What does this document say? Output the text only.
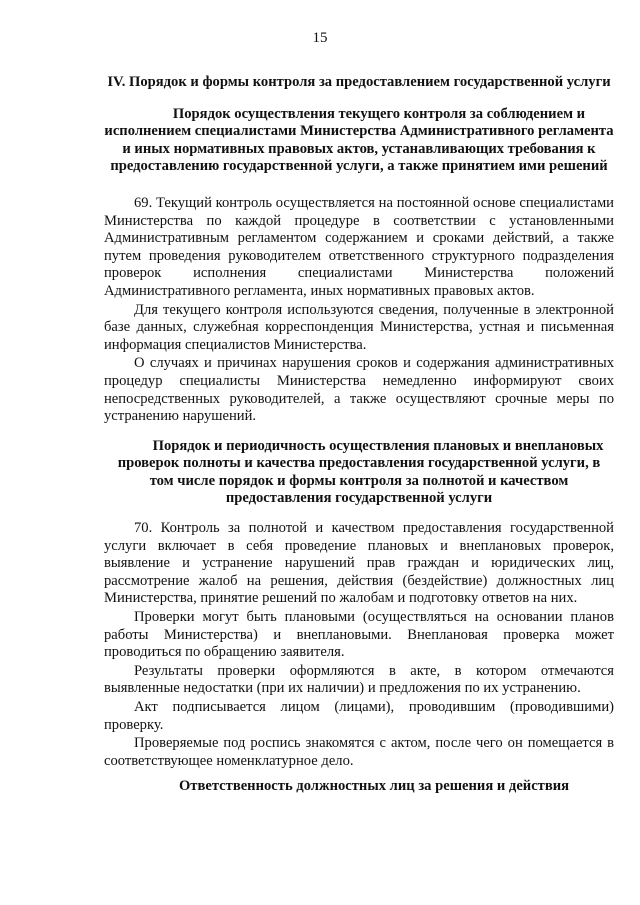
15

IV. Порядок и формы контроля за предоставлением государственной услуги

Порядок осуществления текущего контроля за соблюдением и исполнением специалистами Министерства Административного регламента и иных нормативных правовых актов, устанавливающих требования к предоставлению государственной услуги, а также принятием ими решений

69. Текущий контроль осуществляется на постоянной основе специалистами Министерства по каждой процедуре в соответствии с установленными Административным регламентом содержанием и сроками действий, а также путем проведения руководителем ответственного структурного подразделения проверок исполнения специалистами Министерства положений Административного регламента, иных нормативных правовых актов.

Для текущего контроля используются сведения, полученные в электронной базе данных, служебная корреспонденция Министерства, устная и письменная информация специалистов Министерства.

О случаях и причинах нарушения сроков и содержания административных процедур специалисты Министерства немедленно информируют своих непосредственных руководителей, а также осуществляют срочные меры по устранению нарушений.

Порядок и периодичность осуществления плановых и внеплановых проверок полноты и качества предоставления государственной услуги, в том числе порядок и формы контроля за полнотой и качеством предоставления государственной услуги

70. Контроль за полнотой и качеством предоставления государственной услуги включает в себя проведение плановых и внеплановых проверок, выявление и устранение нарушений прав граждан и юридических лиц, рассмотрение жалоб на решения, действия (бездействие) должностных лиц Министерства, принятие решений по жалобам и подготовку ответов на них.

Проверки могут быть плановыми (осуществляться на основании планов работы Министерства) и внеплановыми. Внеплановая проверка может проводиться по обращению заявителя.

Результаты проверки оформляются в акте, в котором отмечаются выявленные недостатки (при их наличии) и предложения по их устранению.

Акт подписывается лицом (лицами), проводившим (проводившими) проверку.

Проверяемые под роспись знакомятся с актом, после чего он помещается в соответствующее номенклатурное дело.

Ответственность должностных лиц за решения и действия
